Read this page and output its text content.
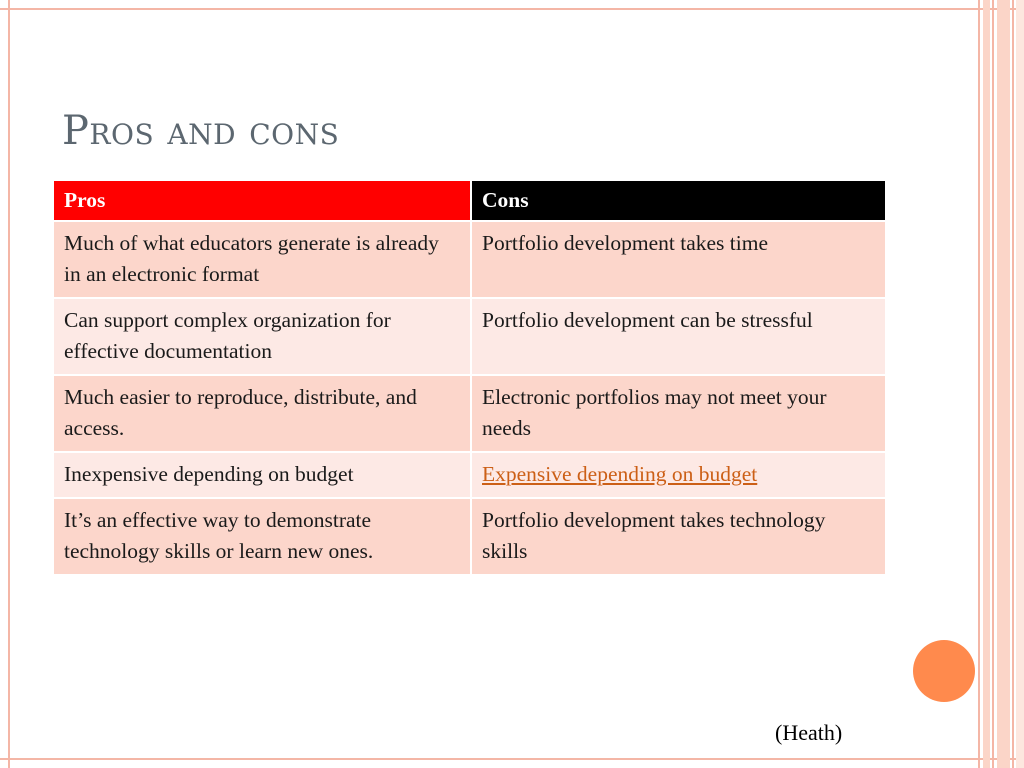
Pros and cons
Pros	Cons
Much of what educators generate is already in an electronic format	Portfolio development takes time
Can support complex organization for effective documentation	Portfolio development can be stressful
Much easier to reproduce, distribute, and access.	Electronic portfolios may not meet your needs
Inexpensive depending on budget	Expensive depending on budget
It’s an effective way to demonstrate technology skills or learn new ones.	Portfolio development takes technology skills
(Heath)
